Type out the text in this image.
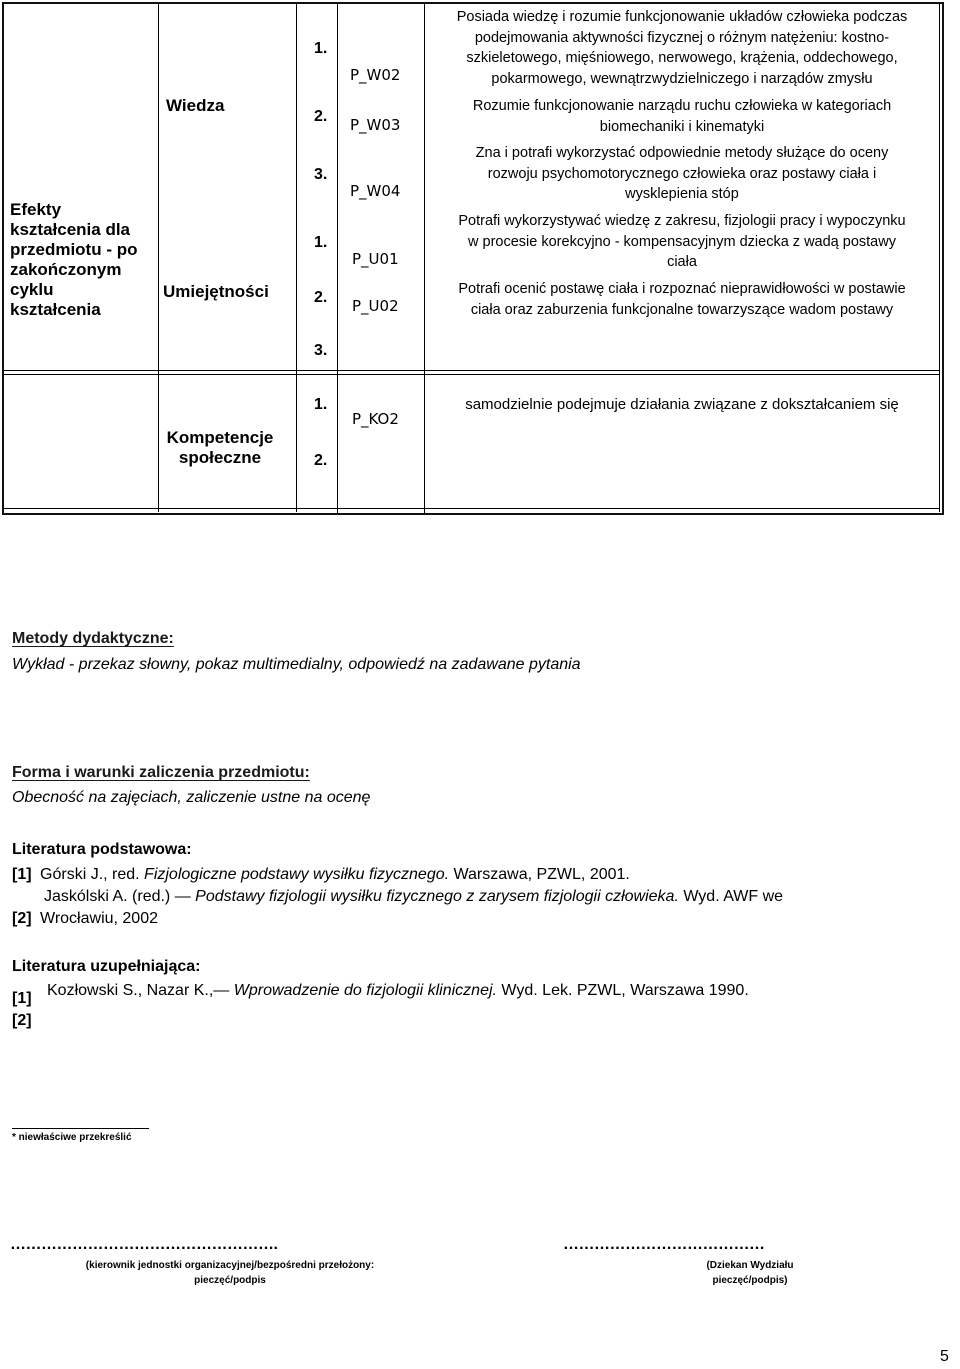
Efekty
kształcenia dla
przedmiotu - po
zakończonym
cyklu
kształcenia
Wiedza
Umiejętności
Kompetencje
społeczne
1.
2.
3.
1.
2.
3.
1.
2.
P_W02
P_W03
P_W04
P_U01
P_U02
P_KO2
Posiada wiedzę i rozumie funkcjonowanie układów człowieka podczas
podejmowania aktywności fizycznej o różnym natężeniu: kostno-
szkieletowego, mięśniowego, nerwowego, krążenia, oddechowego,
pokarmowego, wewnątrzwydzielniczego i narządów zmysłu
Rozumie funkcjonowanie narządu ruchu człowieka w kategoriach
biomechaniki i kinematyki
Zna i potrafi wykorzystać odpowiednie metody służące do oceny
rozwoju psychomotorycznego człowieka oraz postawy ciała i
wysklepienia stóp
Potrafi wykorzystywać wiedzę z zakresu, fizjologii pracy i wypoczynku
w procesie korekcyjno - kompensacyjnym dziecka z wadą postawy
ciała
Potrafi ocenić postawę ciała i rozpoznać nieprawidłowości w postawie
ciała oraz zaburzenia funkcjonalne towarzyszące wadom postawy
samodzielnie podejmuje działania związane z dokształcaniem się
Metody dydaktyczne:
Wykład - przekaz słowny, pokaz multimedialny, odpowiedź na zadawane pytania
Forma i warunki zaliczenia przedmiotu:
Obecność na zajęciach, zaliczenie ustne na ocenę
Literatura podstawowa:
[1] Górski J., red. Fizjologiczne podstawy wysiłku fizycznego. Warszawa, PZWL, 2001.
Jaskólski A. (red.) — Podstawy fizjologii wysiłku fizycznego z zarysem fizjologii człowieka. Wyd. AWF we
[2] Wrocławiu, 2002
Literatura uzupełniająca:
[1] Kozłowski S., Nazar K.,— Wprowadzenie do fizjologii klinicznej. Wyd. Lek. PZWL, Warszawa 1990.
[2]
* niewłaściwe przekreślić
…………………………………………….
(kierownik jednostki organizacyjnej/bezpośredni przełożony:
pieczęć/podpis
…………………………………
(Dziekan Wydziału
pieczęć/podpis)
5
